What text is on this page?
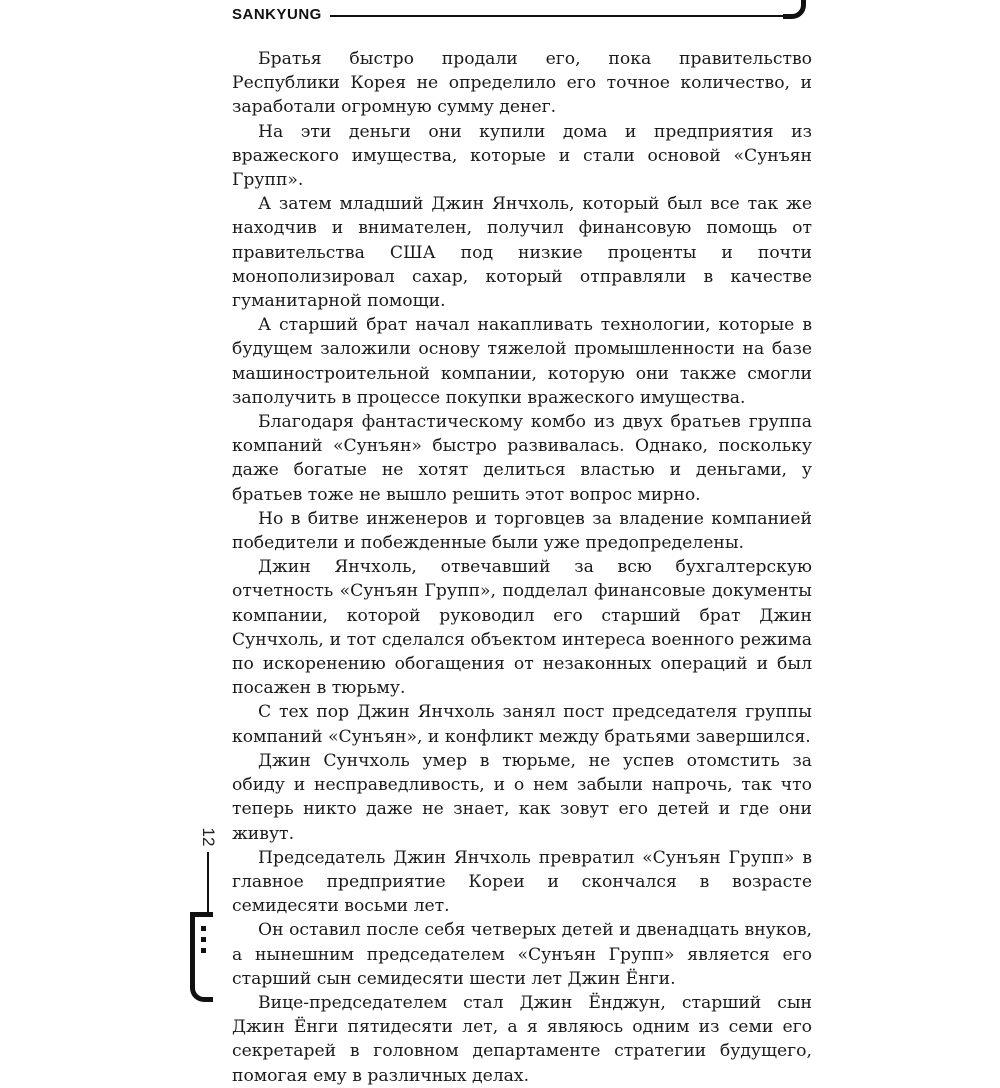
SANKYUNG

Братья быстро продали его, пока правительство Республики Корея не определило его точное количество, и заработали огромную сумму денег.

На эти деньги они купили дома и предприятия из вражеского имущества, которые и стали основой «Сунъян Групп».

А затем младший Джин Янчхоль, который был все так же находчив и внимателен, получил финансовую помощь от правительства США под низкие проценты и почти монополизировал сахар, который отправляли в качестве гуманитарной помощи.

А старший брат начал накапливать технологии, которые в будущем заложили основу тяжелой промышленности на базе машиностроительной компании, которую они также смогли заполучить в процессе покупки вражеского имущества.

Благодаря фантастическому комбо из двух братьев группа компаний «Сунъян» быстро развивалась. Однако, поскольку даже богатые не хотят делиться властью и деньгами, у братьев тоже не вышло решить этот вопрос мирно.

Но в битве инженеров и торговцев за владение компанией победители и побежденные были уже предопределены.

Джин Янчхоль, отвечавший за всю бухгалтерскую отчетность «Сунъян Групп», подделал финансовые документы компании, которой руководил его старший брат Джин Сунчхоль, и тот сделался объектом интереса военного режима по искоренению обогащения от незаконных операций и был посажен в тюрьму.

С тех пор Джин Янчхоль занял пост председателя группы компаний «Сунъян», и конфликт между братьями завершился.

Джин Сунчхоль умер в тюрьме, не успев отомстить за обиду и несправедливость, и о нем забыли напрочь, так что теперь никто даже не знает, как зовут его детей и где они живут.

Председатель Джин Янчхоль превратил «Сунъян Групп» в главное предприятие Кореи и скончался в возрасте семидесяти восьми лет.

Он оставил после себя четверых детей и двенадцать внуков, а нынешним председателем «Сунъян Групп» является его старший сын семидесяти шести лет Джин Ёнги.

Вице-председателем стал Джин Ёнджун, старший сын Джин Ёнги пятидесяти лет, а я являюсь одним из семи его секретарей в головном департаменте стратегии будущего, помогая ему в различных делах.

12
